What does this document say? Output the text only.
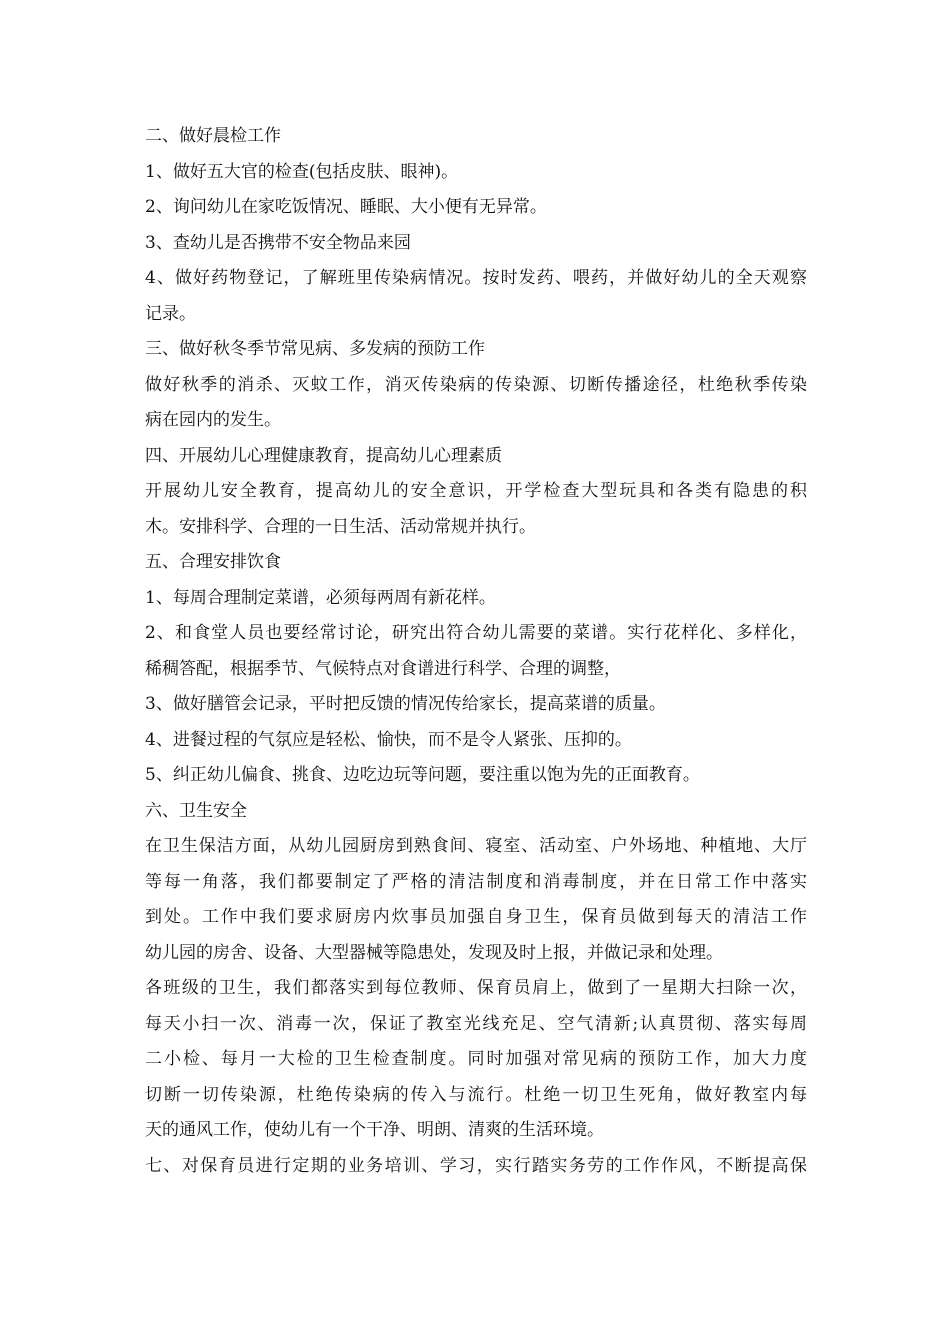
二、做好晨检工作
1、做好五大官的检查(包括皮肤、眼神)。
2、询问幼儿在家吃饭情况、睡眠、大小便有无异常。
3、查幼儿是否携带不安全物品来园
4、做好药物登记，了解班里传染病情况。按时发药、喂药，并做好幼儿的全天观察
记录。
三、做好秋冬季节常见病、多发病的预防工作
做好秋季的消杀、灭蚊工作，消灭传染病的传染源、切断传播途径，杜绝秋季传染
病在园内的发生。
四、开展幼儿心理健康教育，提高幼儿心理素质
开展幼儿安全教育，提高幼儿的安全意识，开学检查大型玩具和各类有隐患的积
木。安排科学、合理的一日生活、活动常规并执行。
五、合理安排饮食
1、每周合理制定菜谱，必须每两周有新花样。
2、和食堂人员也要经常讨论，研究出符合幼儿需要的菜谱。实行花样化、多样化，
稀稠答配，根据季节、气候特点对食谱进行科学、合理的调整，
3、做好膳管会记录，平时把反馈的情况传给家长，提高菜谱的质量。
4、进餐过程的气氛应是轻松、愉快，而不是令人紧张、压抑的。
5、纠正幼儿偏食、挑食、边吃边玩等问题，要注重以饱为先的正面教育。
六、卫生安全
在卫生保洁方面，从幼儿园厨房到熟食间、寝室、活动室、户外场地、种植地、大厅
等每一角落，我们都要制定了严格的清洁制度和消毒制度，并在日常工作中落实
到处。工作中我们要求厨房内炊事员加强自身卫生，保育员做到每天的清洁工作
幼儿园的房舍、设备、大型器械等隐患处，发现及时上报，并做记录和处理。
各班级的卫生，我们都落实到每位教师、保育员肩上，做到了一星期大扫除一次，
每天小扫一次、消毒一次，保证了教室光线充足、空气清新;认真贯彻、落实每周
二小检、每月一大检的卫生检查制度。同时加强对常见病的预防工作，加大力度
切断一切传染源，杜绝传染病的传入与流行。杜绝一切卫生死角，做好教室内每
天的通风工作，使幼儿有一个干净、明朗、清爽的生活环境。
七、对保育员进行定期的业务培训、学习，实行踏实务劳的工作作风，不断提高保
